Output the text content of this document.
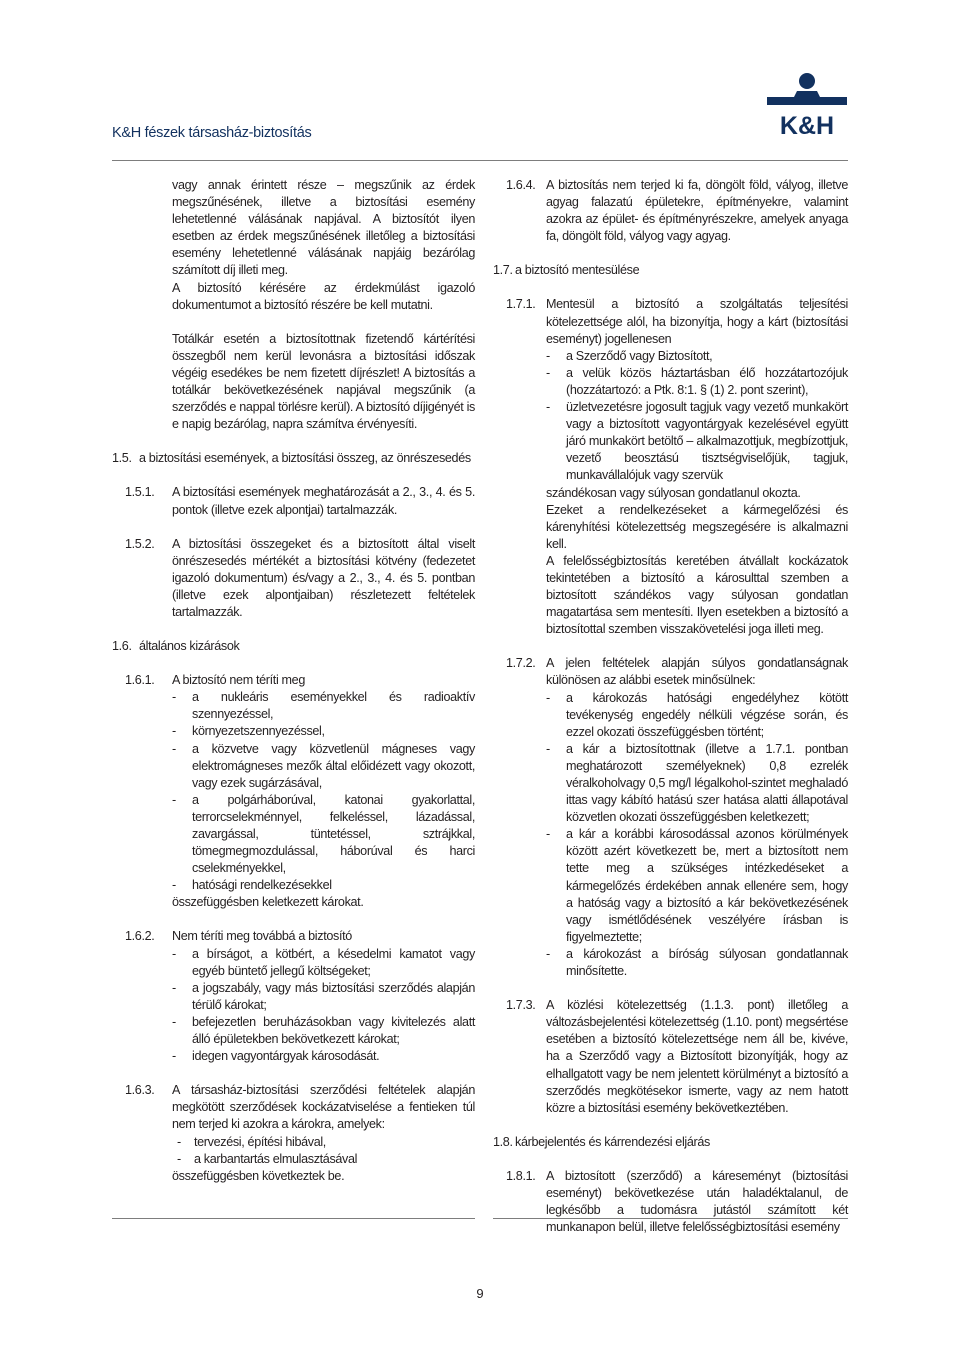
K&H fészek társasház-biztosítás	K&H

vagy annak érintett része – megszűnik az érdek megszűnésének, illetve a biztosítási esemény lehetetlenné válásának napjával. A biztosítót ilyen esetben az érdek megszűnésének illetőleg a biztosítási esemény lehetetlenné válásának napjáig bezárólag számított díj illeti meg.

A biztosító kérésére az érdekmúlást igazoló dokumentumot a biztosító részére be kell mutatni.

Totálkár esetén a biztosítottnak fizetendő kártérítési összegből nem kerül levonásra a biztosítási időszak végéig esedékes be nem fizetett díjrészlet! A biztosítás a totálkár bekövetkezésének napjával megszűnik (a szerződés e nappal törlésre kerül). A biztosító díjigényét is e napig bezárólag, napra számítva érvényesíti.

1.5. a biztosítási események, a biztosítási összeg, az önrészesedés
1.5.1.	A biztosítási események meghatározását a 2., 3., 4. és 5. pontok (illetve ezek alpontjai) tartalmazzák.
1.5.2.	A biztosítási összegeket és a biztosított által viselt önrészesedés mértékét a biztosítási kötvény (fedezetet igazoló dokumentum) és/vagy a 2., 3., 4. és 5. pontban (illetve ezek alpontjaiban) részletezett feltételek tartalmazzák.
1.6. általános kizárások
1.6.1.	A biztosító nem téríti meg
-	a nukleáris eseményekkel és radioaktív szennyezéssel,
-	környezetszennyezéssel,
-	a közvetve vagy közvetlenül mágneses vagy elektromágneses mezők által előidézett vagy okozott, vagy ezek sugárzásával,
-	a polgárháborúval, katonai gyakorlattal, terrorcselekménnyel, felkeléssel, lázadással, zavargással, tüntetéssel, sztrájkkal, tömegmegmozdulással, háborúval és harci cselekményekkel,
-	hatósági rendelkezésekkel
összefüggésben keletkezett károkat.
1.6.2.	Nem téríti meg továbbá a biztosító
-	a bírságot, a kötbért, a késedelmi kamatot vagy egyéb büntető jellegű költségeket;
-	a jogszabály, vagy más biztosítási szerződés alapján térülő károkat;
-	befejezetlen beruházásokban vagy kivitelezés alatt álló épületekben bekövetkezett károkat;
-	idegen vagyontárgyak károsodását.
1.6.3.	A társasház-biztosítási szerződési feltételek alapján megkötött szerződések kockázatviselése a fentieken túl nem terjed ki azokra a károkra, amelyek:
-	tervezési, építési hibával,
-	a karbantartás elmulasztásával
összefüggésben következtek be.
1.6.4. A biztosítás nem terjed ki fa, döngölt föld, vályog, illetve agyag falazatú épületekre, építményekre, valamint azokra az épület- és építményrészekre, amelyek anyaga fa, döngölt föld, vályog vagy agyag.
1.7. a biztosító mentesülése
1.7.1. Mentesül a biztosító a szolgáltatás teljesítési kötelezettsége alól, ha bizonyítja, hogy a kárt (biztosítási eseményt) jogellenesen
-	a Szerződő vagy Biztosított,
-	a velük közös háztartásban élő hozzátartozójuk (hozzátartozó: a Ptk. 8:1. § (1) 2. pont szerint),
-	üzletvezetésre jogosult tagjuk vagy vezető munkakört vagy a biztosított vagyontárgyak kezelésével együtt járó munkakört betöltő – alkalmazottjuk, megbízottjuk, vezető beosztású tisztségviselőjük, tagjuk, munkavállalójuk vagy szervük
szándékosan vagy súlyosan gondatlanul okozta.
Ezeket a rendelkezéseket a kármegelőzési és kárenyhítési kötelezettség megszegésére is alkalmazni kell.
A felelősségbiztosítás keretében átvállalt kockázatok tekintetében a biztosító a károsulttal szemben a biztosított szándékos vagy súlyosan gondatlan magatartása sem mentesíti. Ilyen esetekben a biztosító a biztosítottal szemben visszakövetelési joga illeti meg.
1.7.2. A jelen feltételek alapján súlyos gondatlanságnak különösen az alábbi esetek minősülnek:
-	a károkozás hatósági engedélyhez kötött tevékenység engedély nélküli végzése során, és ezzel okozati összefüggésben történt;
-	a kár a biztosítottnak (illetve a 1.7.1. pontban meghatározott személyeknek) 0,8 ezrelék véralkoholvagy 0,5 mg/l légalkohol-szintet meghaladó ittas vagy kábító hatású szer hatása alatti állapotával közvetlen okozati összefüggésben keletkezett;
-	a kár a korábbi károsodással azonos körülmények között azért következett be, mert a biztosított nem tette meg a szükséges intézkedéseket a kármegelőzés érdekében annak ellenére sem, hogy a hatóság vagy a biztosító a kár bekövetkezésének vagy ismétlődésének veszélyére írásban is figyelmeztette;
-	a károkozást a bíróság súlyosan gondatlannak minősítette.
1.7.3. A közlési kötelezettség (1.1.3. pont) illetőleg a változásbejelentési kötelezettség (1.10. pont) megsértése esetében a biztosító kötelezettsége nem áll be, kivéve, ha a Szerződő vagy a Biztosított bizonyítják, hogy az elhallgatott vagy be nem jelentett körülményt a biztosító a szerződés megkötésekor ismerte, vagy az nem hatott közre a biztosítási esemény bekövetkeztében.
1.8. kárbejelentés és kárrendezési eljárás
1.8.1. A biztosított (szerződő) a káreseményt (biztosítási eseményt) bekövetkezése után haladéktalanul, de legkésőbb a tudomásra jutástól számított két munkanapon belül, illetve felelősségbiztosítási esemény
9
